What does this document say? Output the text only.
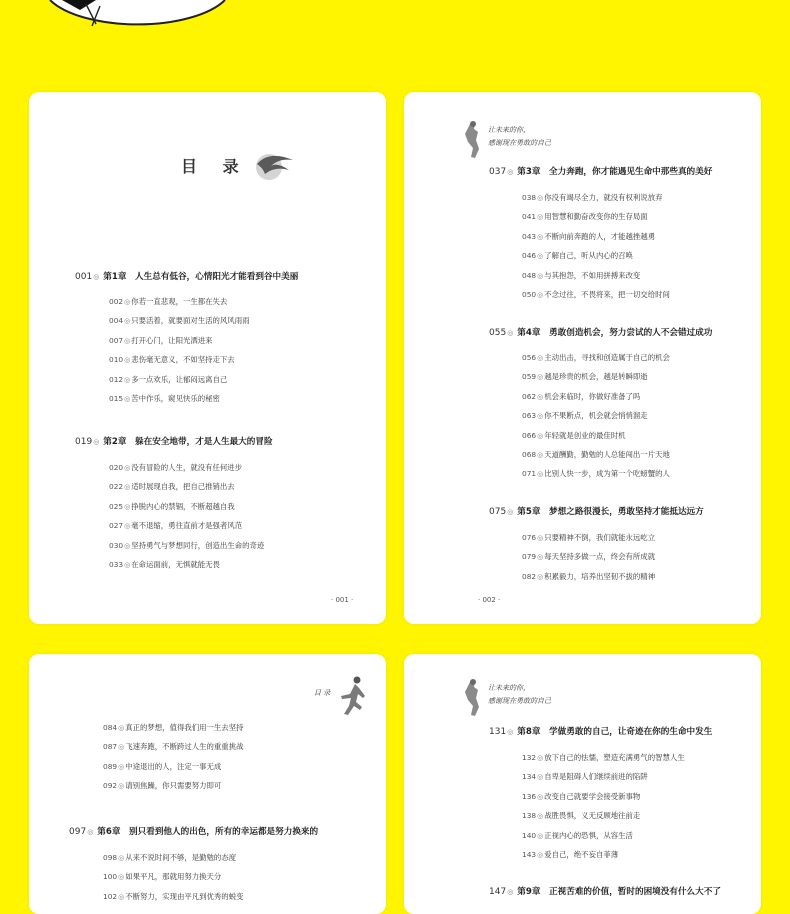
目 录
001◎ 第1章　人生总有低谷，心情阳光才能看到谷中美丽
002◎你若一直悲观，一生都在失去
004◎只要活着，就要面对生活的风风雨雨
007◎打开心门，让阳光洒进来
010◎悲伤毫无意义，不如坚持走下去
012◎多一点欢乐，让郁闷远离自己
015◎苦中作乐，窥见快乐的秘密
019◎ 第2章　躲在安全地带，才是人生最大的冒险
020◎没有冒险的人生，就没有任何进步
022◎适时展现自我，把自己推销出去
025◎挣脱内心的禁锢，不断超越自我
027◎毫不退缩，勇往直前才是强者风范
030◎坚持勇气与梦想同行，创造出生命的奇迹
033◎在命运面前，无惧就能无畏
· 001 ·
让未来的你，
感谢现在勇敢的自己
037◎ 第3章　全力奔跑，你才能遇见生命中那些真的美好
038◎你没有竭尽全力，就没有权利说放弃
041◎用智慧和勤奋改变你的生存局面
043◎不断向前奔跑的人，才能越挫越勇
046◎了解自己，听从内心的召唤
048◎与其抱怨，不如用拼搏来改变
050◎不念过往，不畏将来，把一切交给时间
055◎ 第4章　勇敢创造机会，努力尝试的人不会错过成功
056◎主动出击，寻找和创造属于自己的机会
059◎越是珍贵的机会，越是转瞬即逝
062◎机会来临时，你做好准备了吗
063◎你不果断点，机会就会悄悄溜走
066◎年轻就是创业的最佳时机
068◎天道酬勤，勤勉的人总能闯出一片天地
071◎比别人快一步，成为第一个吃螃蟹的人
075◎ 第5章　梦想之路很漫长，勇敢坚持才能抵达远方
076◎只要精神不倒，我们就能永远屹立
079◎每天坚持多做一点，终会有所成就
082◎积累毅力，培养出坚韧不拔的精神
· 002 ·
目 录
084◎真正的梦想，值得我们用一生去坚持
087◎飞速奔跑，不断跨过人生的重重挑战
089◎中途退出的人，注定一事无成
092◎请别焦躁，你只需要努力即可
097◎ 第6章　别只看到他人的出色，所有的幸运都是努力换来的
098◎从来不说时间不够，是勤勉的态度
100◎如果平凡，那就用努力换天分
102◎不断努力，实现由平凡到优秀的蜕变
让未来的你，
感谢现在勇敢的自己
131◎ 第8章　学做勇敢的自己，让奇迹在你的生命中发生
132◎放下自己的怯懦，塑造充满勇气的智慧人生
134◎自卑是阻碍人们继续前进的陷阱
136◎改变自己就要学会接受新事物
138◎战胜畏惧，义无反顾地往前走
140◎正视内心的恐惧，从容生活
143◎爱自己，绝不妄自菲薄
147◎ 第9章　正视苦难的价值，暂时的困境没有什么大不了
